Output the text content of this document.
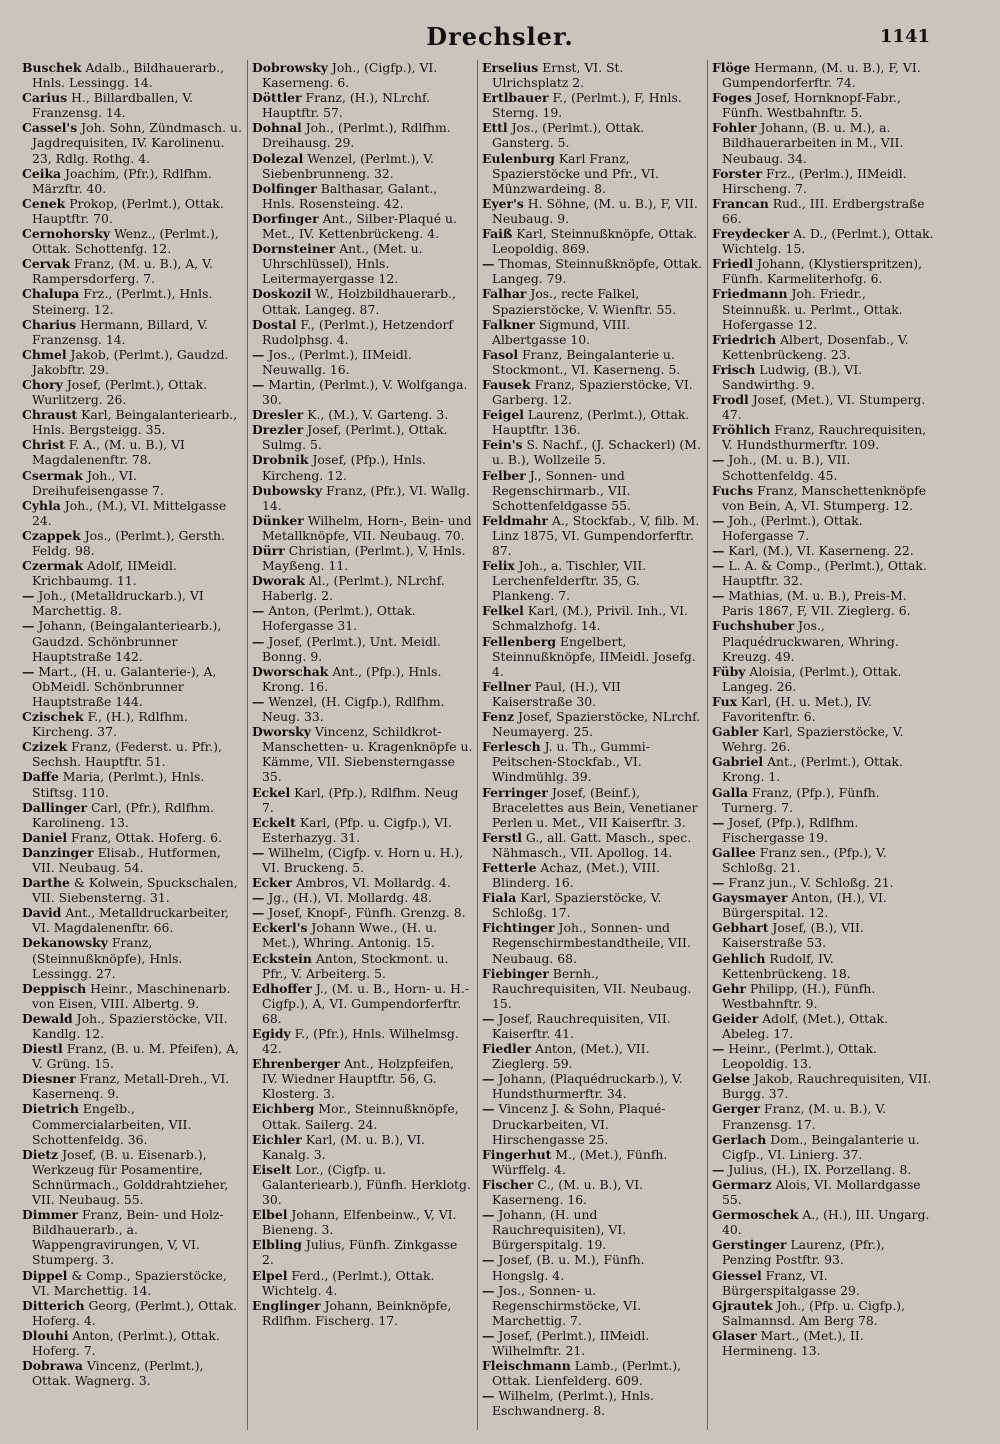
Drechsler.	1141

Buschek Adalb., Bildhauerarb., Hnls. Lessingg. 14.

Carius H., Billardballen, V. Franzensg. 14.

Cassel's Joh. Sohn, Zündmasch. u. Jagdrequisiten, IV. Karolinenu. 23, Rdlg. Rothg. 4.

Ceika Joachim, (Pfr.), Rdlfhm. Märzftr. 40.

Cenek Prokop, (Perlmt.), Ottak. Hauptftr. 70.

Cernohorsky Wenz., (Perlmt.), Ottak. Schottenfg. 12.

Cervak Franz, (M. u. B.), A, V. Rampersdorferg. 7.

Chalupa Frz., (Perlmt.), Hnls. Steinerg. 12.

Charius Hermann, Billard, V. Franzensg. 14.

Chmel Jakob, (Perlmt.), Gaudzd. Jakobftr. 29.

Chory Josef, (Perlmt.), Ottak. Wurlitzerg. 26.

Chraust Karl, Beingalanteriearb., Hnls. Bergsteigg. 35.

Christ F. A., (M. u. B.), VI Magdalenenftr. 78.

Csermak Joh., VI. Dreihufeisengasse 7.

Cyhla Joh., (M.), VI. Mittelgasse 24.

Czappek Jos., (Perlmt.), Gersth. Feldg. 98.

Czermak Adolf, IIMeidl. Krichbaumg. 11.

— Joh., (Metalldruckarb.), VI Marchettig. 8.

— Johann, (Beingalanteriearb.), Gaudzd. Schönbrunner Hauptstraße 142.

— Mart., (H. u. Galanterie-), A, ObMeidl. Schönbrunner Hauptstraße 144.

Czischek F., (H.), Rdlfhm. Kircheng. 37.

Czizek Franz, (Federst. u. Pfr.), Sechsh. Hauptftr. 51.

Daffe Maria, (Perlmt.), Hnls. Stiftsg. 110.

Dallinger Carl, (Pfr.), Rdlfhm. Karolineng. 13.

Daniel Franz, Ottak. Hoferg. 6.

Danzinger Elisab., Hutformen, VII. Neubaug. 54.

Darthe & Kolwein, Spuckschalen, VII. Siebensterng. 31.

David Ant., Metalldruckarbeiter, VI. Magdalenenftr. 66.

Dekanowsky Franz, (Steinnußknöpfe), Hnls. Lessingg. 27.

Deppisch Heinr., Maschinenarb. von Eisen, VIII. Albertg. 9.

Dewald Joh., Spazierstöcke, VII. Kandlg. 12.

Diestl Franz, (B. u. M. Pfeifen), A, V. Grüng. 15.

Diesner Franz, Metall-Dreh., VI. Kasernenq. 9.

Dietrich Engelb., Commercialarbeiten, VII. Schottenfeldg. 36.

Dietz Josef, (B. u. Eisenarb.), Werkzeug für Posamentire, Schnürmach., Golddrahtzieher, VII. Neubaug. 55.

Dimmer Franz, Bein- und Holz-Bildhauerarb., a. Wappengravirungen, V, VI. Stumperg. 3.

Dippel & Comp., Spazierstöcke, VI. Marchettig. 14.

Ditterich Georg, (Perlmt.), Ottak. Hoferg. 4.

Dlouhi Anton, (Perlmt.), Ottak. Hoferg. 7.

Dobrawa Vincenz, (Perlmt.), Ottak. Wagnerg. 3.

Dobrowsky Joh., (Cigfp.), VI. Kaserneng. 6.

Döttler Franz, (H.), NLrchf. Hauptftr. 57.

Dohnal Joh., (Perlmt.), Rdlfhm. Dreihausg. 29.

Dolezal Wenzel, (Perlmt.), V. Siebenbrunneng. 32.

Dolfinger Balthasar, Galant., Hnls. Rosensteing. 42.

Dorfinger Ant., Silber-Plaqué u. Met., IV. Kettenbrückeng. 4.

Dornsteiner Ant., (Met. u. Uhrschlüssel), Hnls. Leitermayergasse 12.

Doskozil W., Holzbildhauerarb., Ottak. Langeg. 87.

Dostal F., (Perlmt.), Hetzendorf Rudolphsg. 4.

— Jos., (Perlmt.), IIMeidl. Neuwallg. 16.

— Martin, (Perlmt.), V. Wolfganga. 30.

Dresler K., (M.), V. Garteng. 3.

Drezler Josef, (Perlmt.), Ottak. Sulmg. 5.

Drobnik Josef, (Pfp.), Hnls. Kircheng. 12.

Dubowsky Franz, (Pfr.), VI. Wallg. 14.

Dünker Wilhelm, Horn-, Bein- und Metallknöpfe, VII. Neubaug. 70.

Dürr Christian, (Perlmt.), V, Hnls. Mayßeng. 11.

Dworak Al., (Perlmt.), NLrchf. Haberlg. 2.

— Anton, (Perlmt.), Ottak. Hofergasse 31.

— Josef, (Perlmt.), Unt. Meidl. Bonng. 9.

Dworschak Ant., (Pfp.), Hnls. Krong. 16.

— Wenzel, (H. Cigfp.), Rdlfhm. Neug. 33.

Dworsky Vincenz, Schildkrot-Manschetten- u. Kragenknöpfe u. Kämme, VII. Siebensterngasse 35.

Eckel Karl, (Pfp.), Rdlfhm. Neug 7.

Eckelt Karl, (Pfp. u. Cigfp.), VI. Esterhazyg. 31.

— Wilhelm, (Cigfp. v. Horn u. H.), VI. Bruckeng. 5.

Ecker Ambros, VI. Mollardg. 4.

— Jg., (H.), VI. Mollardg. 48.

— Josef, Knopf-, Fünfh. Grenzg. 8.

Eckerl's Johann Wwe., (H. u. Met.), Whring. Antonig. 15.

Eckstein Anton, Stockmont. u. Pfr., V. Arbeiterg. 5.

Edhoffer J., (M. u. B., Horn- u. H.-Cigfp.), A, VI. Gumpendorferftr. 68.

Egidy F., (Pfr.), Hnls. Wilhelmsg. 42.

Ehrenberger Ant., Holzpfeifen, IV. Wiedner Hauptftr. 56, G. Klosterg. 3.

Eichberg Mor., Steinnußknöpfe, Ottak. Sailerg. 24.

Eichler Karl, (M. u. B.), VI. Kanalg. 3.

Eiselt Lor., (Cigfp. u. Galanteriearb.), Fünfh. Herklotg. 30.

Elbel Johann, Elfenbeinw., V, VI. Bieneng. 3.

Elbling Julius, Fünfh. Zinkgasse 2.

Elpel Ferd., (Perlmt.), Ottak. Wichtelg. 4.

Englinger Johann, Beinknöpfe, Rdlfhm. Fischerg. 17.

Erselius Ernst, VI. St. Ulrichsplatz 2.

Ertlbauer F., (Perlmt.), F, Hnls. Sterng. 19.

Ettl Jos., (Perlmt.), Ottak. Gansterg. 5.

Eulenburg Karl Franz, Spazierstöcke und Pfr., VI. Münzwardeing. 8.

Eyer's H. Söhne, (M. u. B.), F, VII. Neubaug. 9.

Faiß Karl, Steinnußknöpfe, Ottak. Leopoldig. 869.

— Thomas, Steinnußknöpfe, Ottak. Langeg. 79.

Falhar Jos., recte Falkel, Spazierstöcke, V. Wienftr. 55.

Falkner Sigmund, VIII. Albertgasse 10.

Fasol Franz, Beingalanterie u. Stockmont., VI. Kaserneng. 5.

Fausek Franz, Spazierstöcke, VI. Garberg. 12.

Feigel Laurenz, (Perlmt.), Ottak. Hauptftr. 136.

Fein's S. Nachf., (J. Schackerl) (M. u. B.), Wollzeile 5.

Felber J., Sonnen- und Regenschirmarb., VII. Schottenfeldgasse 55.

Feldmahr A., Stockfab., V, filb. M. Linz 1875, VI. Gumpendorferftr. 87.

Felix Joh., a. Tischler, VII. Lerchenfelderftr. 35, G. Plankeng. 7.

Felkel Karl, (M.), Privil. Inh., VI. Schmalzhofg. 14.

Fellenberg Engelbert, Steinnußknöpfe, IIMeidl. Josefg. 4.

Fellner Paul, (H.), VII Kaiserstraße 30.

Fenz Josef, Spazierstöcke, NLrchf. Neumayerg. 25.

Ferlesch J. u. Th., Gummi-Peitschen-Stockfab., VI. Windmühlg. 39.

Ferringer Josef, (Beinf.), Bracelettes aus Bein, Venetianer Perlen u. Met., VII Kaiserftr. 3.

Ferstl G., all. Gatt. Masch., spec. Nähmasch., VII. Apollog. 14.

Fetterle Achaz, (Met.), VIII. Blinderg. 16.

Fiala Karl, Spazierstöcke, V. Schloßg. 17.

Fichtinger Joh., Sonnen- und Regenschirmbestandtheile, VII. Neubaug. 68.

Fiebinger Bernh., Rauchrequisiten, VII. Neubaug. 15.

— Josef, Rauchrequisiten, VII. Kaiserftr. 41.

Fiedler Anton, (Met.), VII. Zieglerg. 59.

— Johann, (Plaquédruckarb.), V. Hundsthurmerftr. 34.

— Vincenz J. & Sohn, Plaqué-Druckarbeiten, VI. Hirschengasse 25.

Fingerhut M., (Met.), Fünfh. Würffelg. 4.

Fischer C., (M. u. B.), VI. Kaserneng. 16.

— Johann, (H. und Rauchrequisiten), VI. Bürgerspitalg. 19.

— Josef, (B. u. M.), Fünfh. Hongslg. 4.

— Jos., Sonnen- u. Regenschirmstöcke, VI. Marchettig. 7.

— Josef, (Perlmt.), IIMeidl. Wilhelmftr. 21.

Fleischmann Lamb., (Perlmt.), Ottak. Lienfelderg. 609.

— Wilhelm, (Perlmt.), Hnls. Eschwandnerg. 8.

Flöge Hermann, (M. u. B.), F, VI. Gumpendorferftr. 74.

Foges Josef, Hornknopf-Fabr., Fünfh. Westbahnftr. 5.

Fohler Johann, (B. u. M.), a. Bildhauerarbeiten in M., VII. Neubaug. 34.

Forster Frz., (Perlm.), IIMeidl. Hirscheng. 7.

Francan Rud., III. Erdbergstraße 66.

Freydecker A. D., (Perlmt.), Ottak. Wichtelg. 15.

Friedl Johann, (Klystierspritzen), Fünfh. Karmeliterhofg. 6.

Friedmann Joh. Friedr., Steinnußk. u. Perlmt., Ottak. Hofergasse 12.

Friedrich Albert, Dosenfab., V. Kettenbrückeng. 23.

Frisch Ludwig, (B.), VI. Sandwirthg. 9.

Frodl Josef, (Met.), VI. Stumperg. 47.

Fröhlich Franz, Rauchrequisiten, V. Hundsthurmerftr. 109.

— Joh., (M. u. B.), VII. Schottenfeldg. 45.

Fuchs Franz, Manschettenknöpfe von Bein, A, VI. Stumperg. 12.

— Joh., (Perlmt.), Ottak. Hofergasse 7.

— Karl, (M.), VI. Kaserneng. 22.

— L. A. & Comp., (Perlmt.), Ottak. Hauptftr. 32.

— Mathias, (M. u. B.), Preis-M. Paris 1867, F, VII. Zieglerg. 6.

Fuchshuber Jos., Plaquédruckwaren, Whring. Kreuzg. 49.

Füby Aloisia, (Perlmt.), Ottak. Langeg. 26.

Fux Karl, (H. u. Met.), IV. Favoritenftr. 6.

Gabler Karl, Spazierstöcke, V. Wehrg. 26.

Gabriel Ant., (Perlmt.), Ottak. Krong. 1.

Galla Franz, (Pfp.), Fünfh. Turnerg. 7.

— Josef, (Pfp.), Rdlfhm. Fischergasse 19.

Gallee Franz sen., (Pfp.), V. Schloßg. 21.

— Franz jun., V. Schloßg. 21.

Gaysmayer Anton, (H.), VI. Bürgerspital. 12.

Gebhart Josef, (B.), VII. Kaiserstraße 53.

Gehlich Rudolf, IV. Kettenbrückeng. 18.

Gehr Philipp, (H.), Fünfh. Westbahnftr. 9.

Geider Adolf, (Met.), Ottak. Abeleg. 17.

— Heinr., (Perlmt.), Ottak. Leopoldig. 13.

Gelse Jakob, Rauchrequisiten, VII. Burgg. 37.

Gerger Franz, (M. u. B.), V. Franzensg. 17.

Gerlach Dom., Beingalanterie u. Cigfp., VI. Linierg. 37.

— Julius, (H.), IX. Porzellang. 8.

Germarz Alois, VI. Mollardgasse 55.

Germoschek A., (H.), III. Ungarg. 40.

Gerstinger Laurenz, (Pfr.), Penzing Postftr. 93.

Giessel Franz, VI. Bürgerspitalgasse 29.

Gjrautek Joh., (Pfp. u. Cigfp.), Salmannsd. Am Berg 78.

Glaser Mart., (Met.), II. Hermineng. 13.
